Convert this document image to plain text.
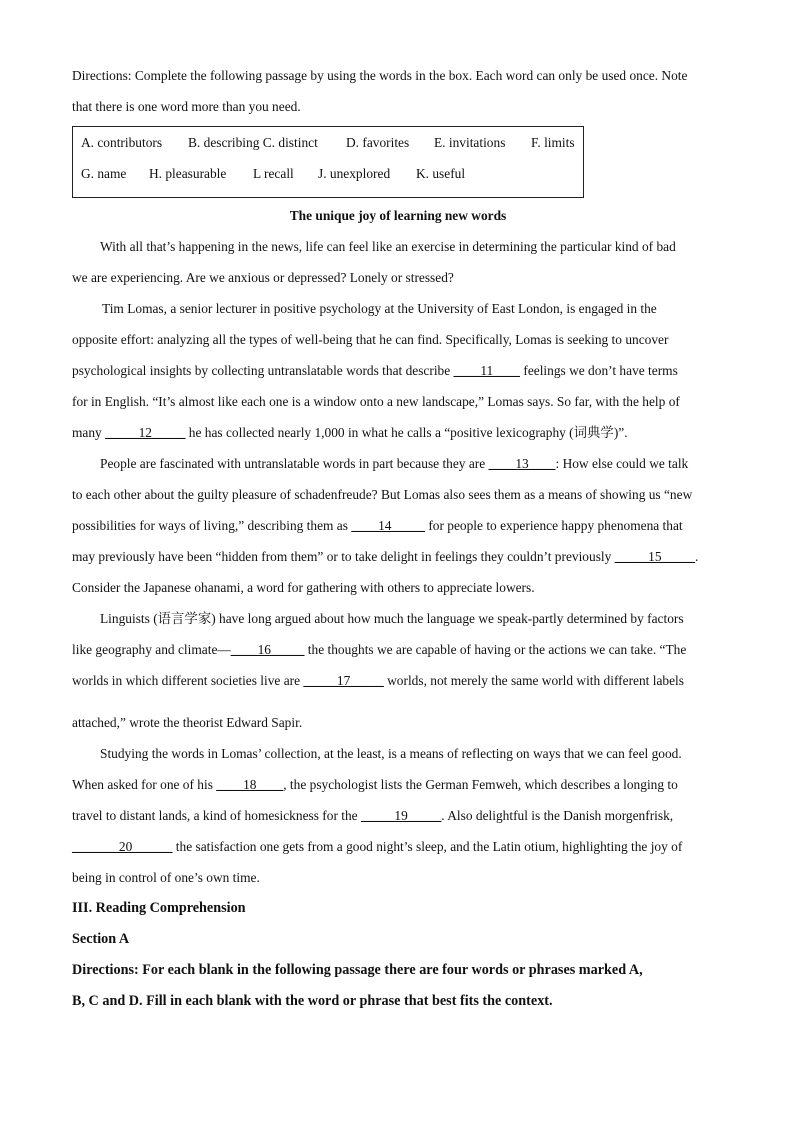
Directions: Complete the following passage by using the words in the box. Each word can only be used once. Note
that there is one word more than you need.
A. contributors	B. describing C. distinct	D. favorites	E. invitations	F. limits
G. name	H. pleasurable	L recall	J. unexplored	K. useful
The unique joy of learning new words
With all that’s happening in the news, life can feel like an exercise in determining the particular kind of bad
we are experiencing. Are we anxious or depressed? Lonely or stressed?
Tim Lomas, a senior lecturer in positive psychology at the University of East London, is engaged in the
opposite effort: analyzing all the types of well-being that he can find. Specifically, Lomas is seeking to uncover
psychological insights by collecting untranslatable words that describe ____11____ feelings we don’t have terms
for in English. “It’s almost like each one is a window onto a new landscape,” Lomas says. So far, with the help of
many _____12_____ he has collected nearly 1,000 in what he calls a “positive lexicography (词典学)”.
People are fascinated with untranslatable words in part because they are ____13____: How else could we talk
to each other about the guilty pleasure of schadenfreude? But Lomas also sees them as a means of showing us “new
possibilities for ways of living,” describing them as ____14_____ for people to experience happy phenomena that
may previously have been “hidden from them” or to take delight in feelings they couldn’t previously _____15_____.
Consider the Japanese ohanami, a word for gathering with others to appreciate lowers.
Linguists (语言学家) have long argued about how much the language we speak-partly determined by factors
like geography and climate—____16_____ the thoughts we are capable of having or the actions we can take. “The
worlds in which different societies live are _____17_____ worlds, not merely the same world with different labels
attached,” wrote the theorist Edward Sapir.
Studying the words in Lomas’ collection, at the least, is a means of reflecting on ways that we can feel good.
When asked for one of his ____18____, the psychologist lists the German Femweh, which describes a longing to
travel to distant lands, a kind of homesickness for the _____19_____. Also delightful is the Danish morgenfrisk,
_______20______ the satisfaction one gets from a good night’s sleep, and the Latin otium, highlighting the joy of
being in control of one’s own time.
III. Reading Comprehension
Section A
Directions: For each blank in the following passage there are four words or phrases marked A,
B, C and D. Fill in each blank with the word or phrase that best fits the context.
